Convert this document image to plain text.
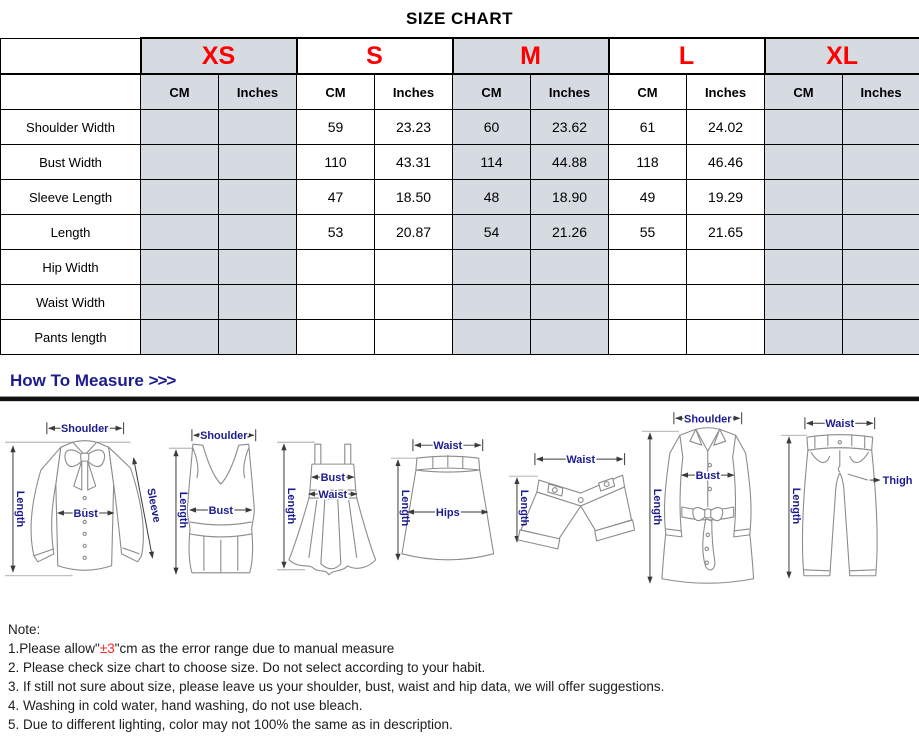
SIZE CHART
	XS		S		M		L		XL	
	CM	Inches	CM	Inches	CM	Inches	CM	Inches	CM	Inches
Shoulder Width			59	23.23	60	23.62	61	24.02		
Bust Width			110	43.31	114	44.88	118	46.46		
Sleeve Length			47	18.50	48	18.90	49	19.29		
Length			53	20.87	54	21.26	55	21.65		
Hip Width										
Waist Width										
Pants length										
How To Measure >>>
Shoulder
Length	Bust	Sleeve
Shoulder
Length Bust	Length
Bust
Waist
Waist
Length Hips
Waist
Length
Shoulder
Length
Bust
Waist
Length
Thigh
Note:
1.Please allow"±3"cm as the error range due to manual measure
2. Please check size chart to choose size. Do not select according to your habit.
3. If still not sure about size, please leave us your shoulder, bust, waist and hip data, we will offer suggestions.
4. Washing in cold water, hand washing, do not use bleach.
5. Due to different lighting, color may not 100% the same as in description.
